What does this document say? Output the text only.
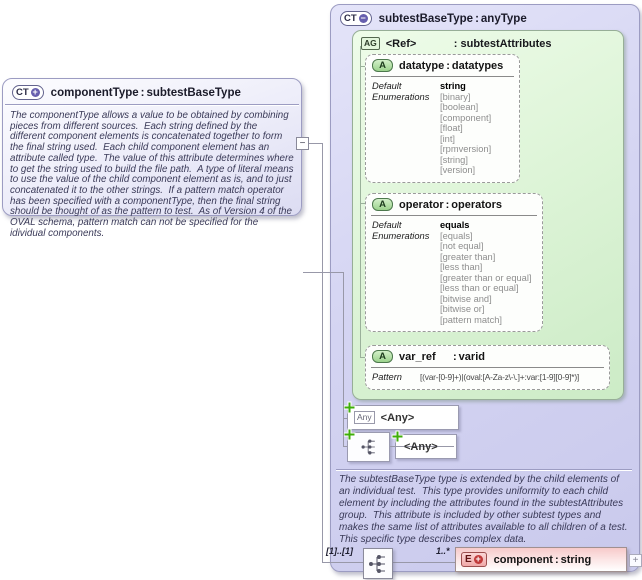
CT + componentType : subtestBaseType
The componentType allows a value to be obtained by combining pieces from different sources.  Each string defined by the different component elements is concatenated together to form the final string used.  Each child component element has an attribute called type.  The value of this attribute determines where to get the string used to build the file path.  A type of literal means to use the value of the child component element as is, and to just concatenated it to the other strings.  If a pattern match operator has been specified with a componentType, then the final string should be thought of as the pattern to test.  As of Version 4 of the OVAL schema, pattern match can not be specified for the idividual components.
CT − subtestBaseType : anyType
AG <Ref>	: subtestAttributes
A	datatype : datatypes
Default	string
Enumerations	[binary]
[boolean]
[component]
[float]
[int]
[rpmversion]
[string]
[version]
A	operator : operators
Default	equals
Enumerations	[equals]
[not equal]
[greater than]
[less than]
[greater than or equal]
[less than or equal]
[bitwise and]
[bitwise or]
[pattern match]
A	var_ref : varid
Pattern	[(var-[0-9]+)|(oval:[A-Za-z\-\.]+:var:[1-9][0-9]*)]
Any <Any>
<Any>
The subtestBaseType type is extended by the child elements of an individual test.  This type provides uniformity to each child element by including the attributes found in the subtestAttributes group.  This attribute is included by other subtest types and makes the same list of attributes available to all children of a test.  This specific type describes complex data.
−
[1]..[1]	1..*
E + component : string	+
